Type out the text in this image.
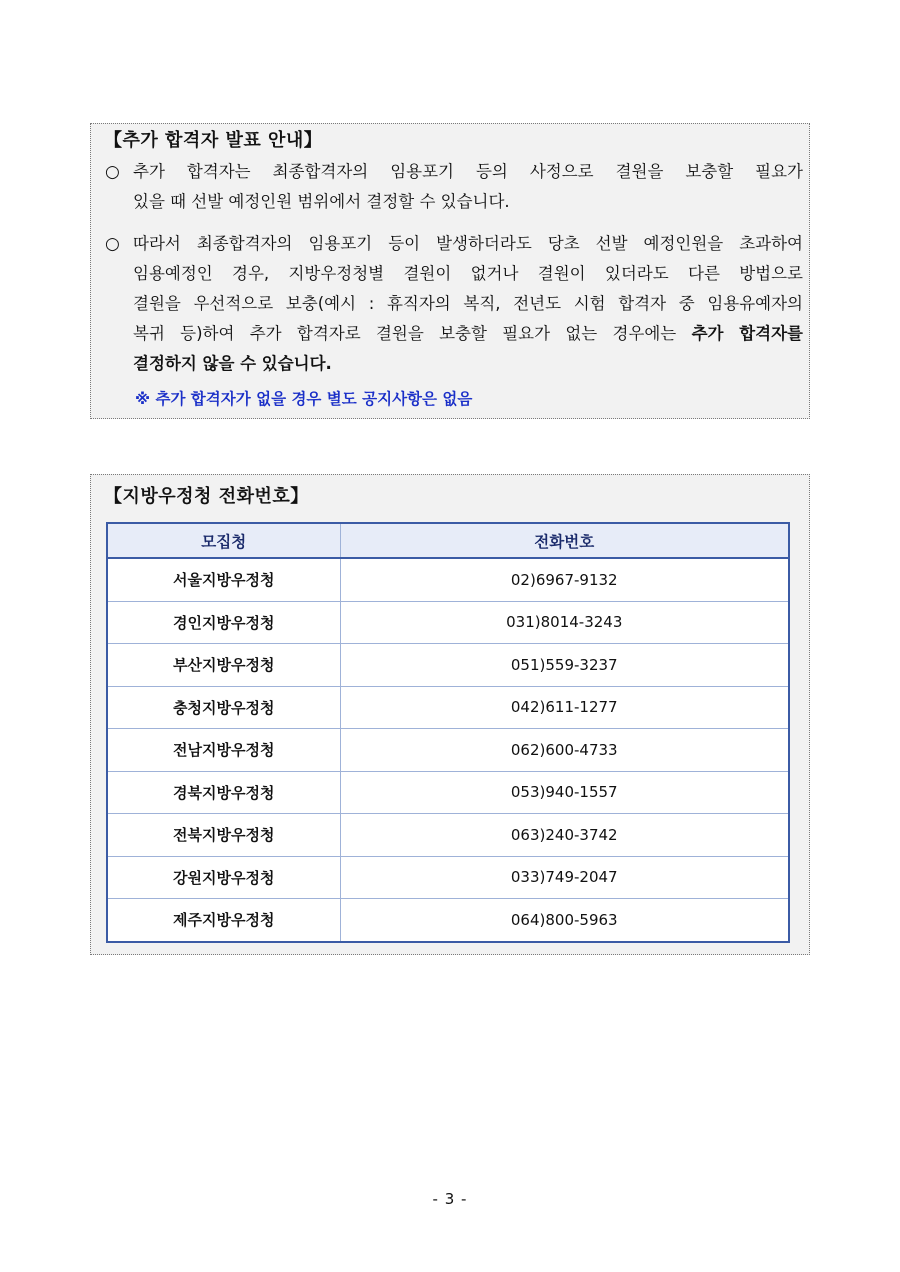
【추가 합격자 발표 안내】
○ 추가 합격자는 최종합격자의 임용포기 등의 사정으로 결원을 보충할 필요가
있을 때 선발 예정인원 범위에서 결정할 수 있습니다.
○ 따라서 최종합격자의 임용포기 등이 발생하더라도 당초 선발 예정인원을 초과하여
임용예정인 경우, 지방우정청별 결원이 없거나 결원이 있더라도 다른 방법으로
결원을 우선적으로 보충(예시 : 휴직자의 복직, 전년도 시험 합격자 중 임용유예자의
복귀 등)하여 추가 합격자로 결원을 보충할 필요가 없는 경우에는 추가 합격자를
결정하지 않을 수 있습니다.
※ 추가 합격자가 없을 경우 별도 공지사항은 없음
【지방우정청 전화번호】
모집청	전화번호
서울지방우정청	02)6967-9132
경인지방우정청	031)8014-3243
부산지방우정청	051)559-3237
충청지방우정청	042)611-1277
전남지방우정청	062)600-4733
경북지방우정청	053)940-1557
전북지방우정청	063)240-3742
강원지방우정청	033)749-2047
제주지방우정청	064)800-5963
- 3 -
